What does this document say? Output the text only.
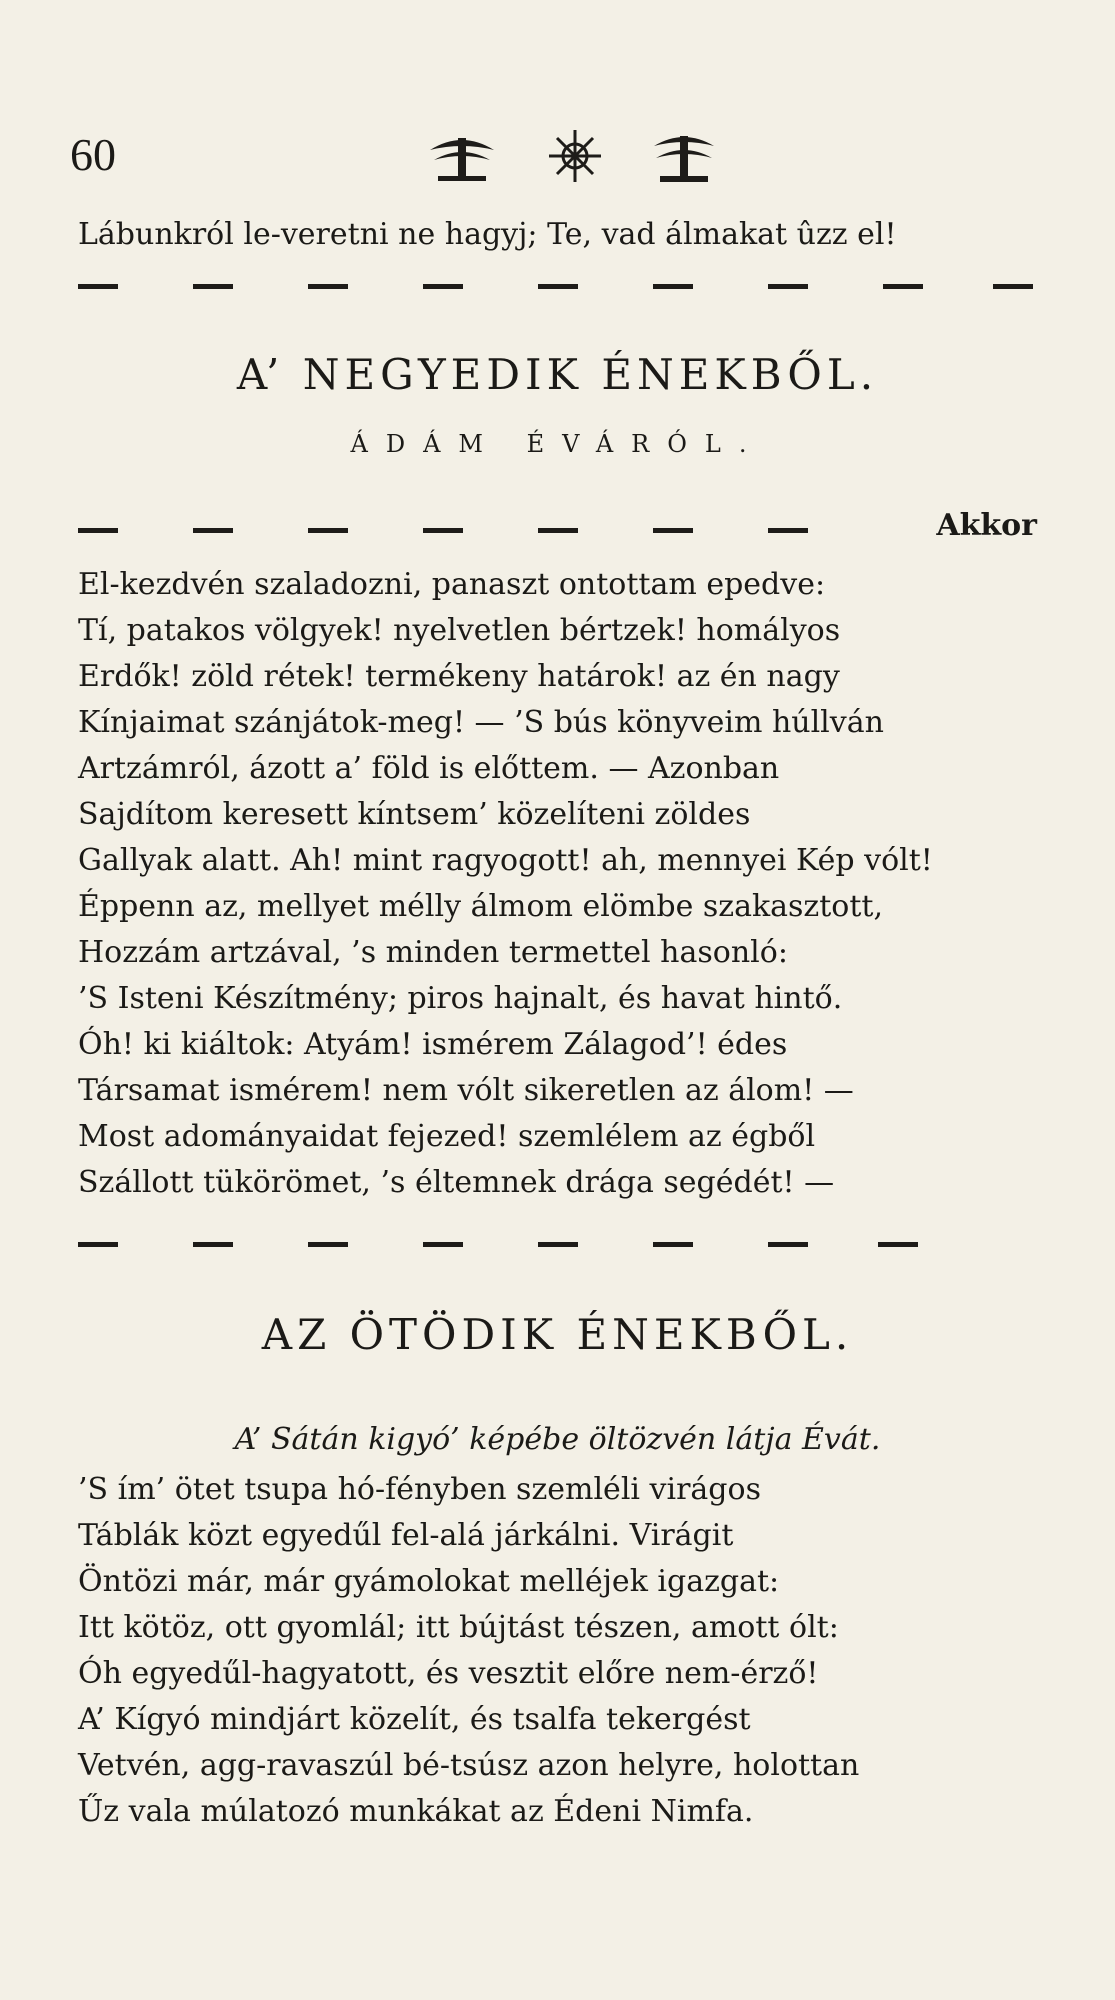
60
Lábunkról le-veretni ne hagyj; Te, vad álmakat ûzz el!
A’ NEGYEDIK ÉNEKBŐL.
ÁDÁM ÉVÁRÓL.
Akkor
El-kezdvén szaladozni, panaszt ontottam epedve:
Tí, patakos völgyek! nyelvetlen bértzek! homályos
Erdők! zöld rétek! termékeny határok! az én nagy
Kínjaimat szánjátok-meg! — ’S bús könyveim húllván
Artzámról, ázott a’ föld is előttem. — Azonban
Sajdítom keresett kíntsem’ közelíteni zöldes
Gallyak alatt. Ah! mint ragyogott! ah, mennyei Kép vólt!
Éppenn az, mellyet mélly álmom elömbe szakasztott,
Hozzám artzával, ’s minden termettel hasonló:
’S Isteni Készítmény; piros hajnalt, és havat hintő.
Óh! ki kiáltok: Atyám! ismérem Zálagod’! édes
Társamat ismérem! nem vólt sikeretlen az álom! —
Most adományaidat fejezed! szemlélem az égből
Szállott tükörömet, ’s éltemnek drága segédét! —
AZ ÖTÖDIK ÉNEKBŐL.
A’ Sátán kigyó’ képébe öltözvén látja Évát.
’S ím’ ötet tsupa hó-fényben szemléli virágos
Táblák közt egyedűl fel-alá járkálni. Virágit
Öntözi már, már gyámolokat melléjek igazgat:
Itt kötöz, ott gyomlál; itt bújtást tészen, amott ólt:
Óh egyedűl-hagyatott, és vesztit előre nem-érző!
A’ Kígyó mindjárt közelít, és tsalfa tekergést
Vetvén, agg-ravaszúl bé-tsúsz azon helyre, holottan
Űz vala múlatozó munkákat az Édeni Nimfa.
